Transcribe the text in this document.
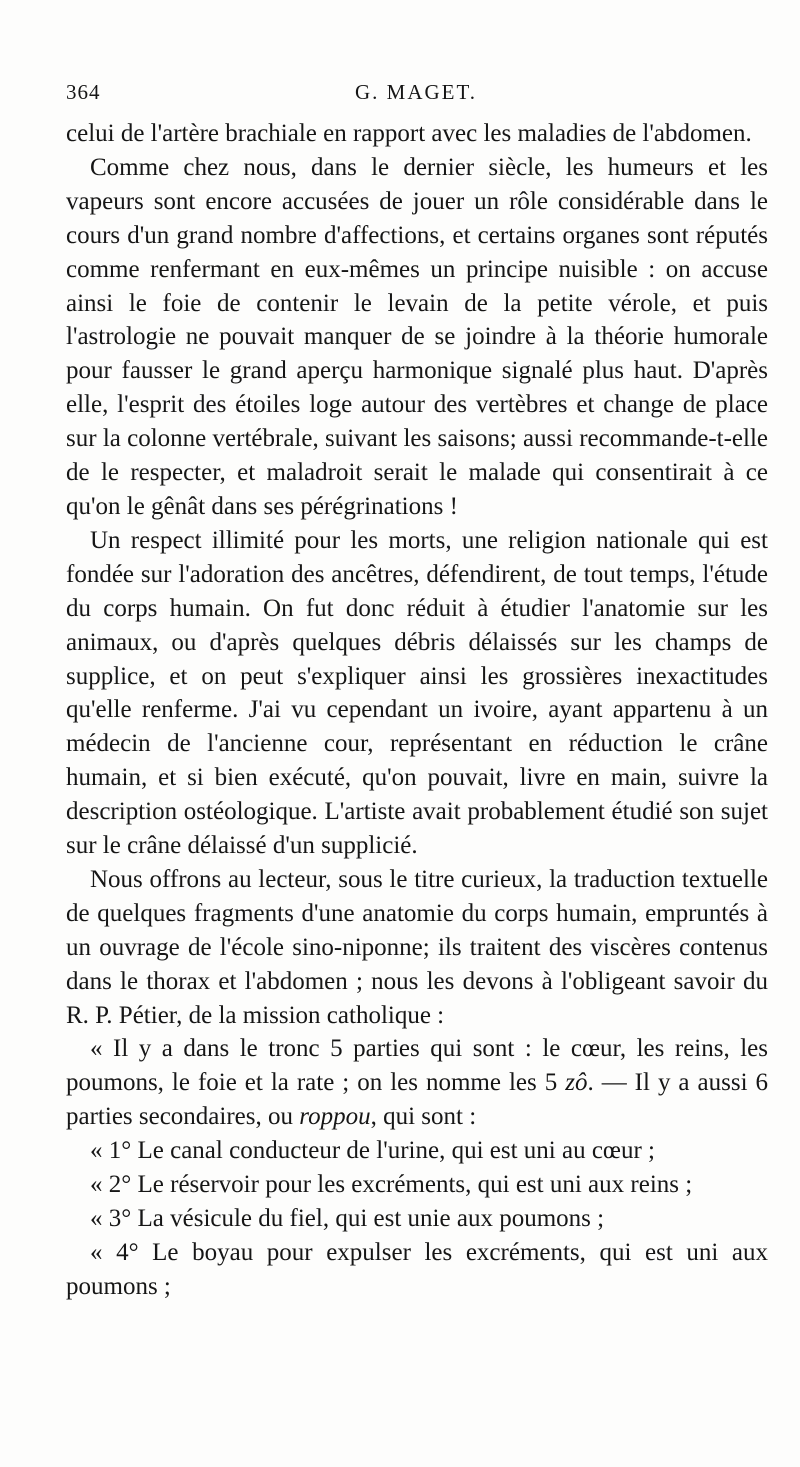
364	G. MAGET.

celui de l'artère brachiale en rapport avec les maladies de l'abdomen.

Comme chez nous, dans le dernier siècle, les humeurs et les vapeurs sont encore accusées de jouer un rôle considérable dans le cours d'un grand nombre d'affections, et certains organes sont réputés comme renfermant en eux-mêmes un principe nuisible : on accuse ainsi le foie de contenir le levain de la petite vérole, et puis l'astrologie ne pouvait manquer de se joindre à la théorie humorale pour fausser le grand aperçu harmonique signalé plus haut. D'après elle, l'esprit des étoiles loge autour des vertèbres et change de place sur la colonne vertébrale, suivant les saisons; aussi recommande-t-elle de le respecter, et maladroit serait le malade qui consentirait à ce qu'on le gênât dans ses pérégrinations !

Un respect illimité pour les morts, une religion nationale qui est fondée sur l'adoration des ancêtres, défendirent, de tout temps, l'étude du corps humain. On fut donc réduit à étudier l'anatomie sur les animaux, ou d'après quelques débris délaissés sur les champs de supplice, et on peut s'expliquer ainsi les grossières inexactitudes qu'elle renferme. J'ai vu cependant un ivoire, ayant appartenu à un médecin de l'ancienne cour, représentant en réduction le crâne humain, et si bien exécuté, qu'on pouvait, livre en main, suivre la description ostéologique. L'artiste avait probablement étudié son sujet sur le crâne délaissé d'un supplicié.

Nous offrons au lecteur, sous le titre curieux, la traduction textuelle de quelques fragments d'une anatomie du corps humain, empruntés à un ouvrage de l'école sino-niponne; ils traitent des viscères contenus dans le thorax et l'abdomen ; nous les devons à l'obligeant savoir du R. P. Pétier, de la mission catholique :

« Il y a dans le tronc 5 parties qui sont : le cœur, les reins, les poumons, le foie et la rate ; on les nomme les 5 zô. — Il y a aussi 6 parties secondaires, ou roppou, qui sont :

« 1° Le canal conducteur de l'urine, qui est uni au cœur ;

« 2° Le réservoir pour les excréments, qui est uni aux reins ;

« 3° La vésicule du fiel, qui est unie aux poumons ;

« 4° Le boyau pour expulser les excréments, qui est uni aux poumons ;
